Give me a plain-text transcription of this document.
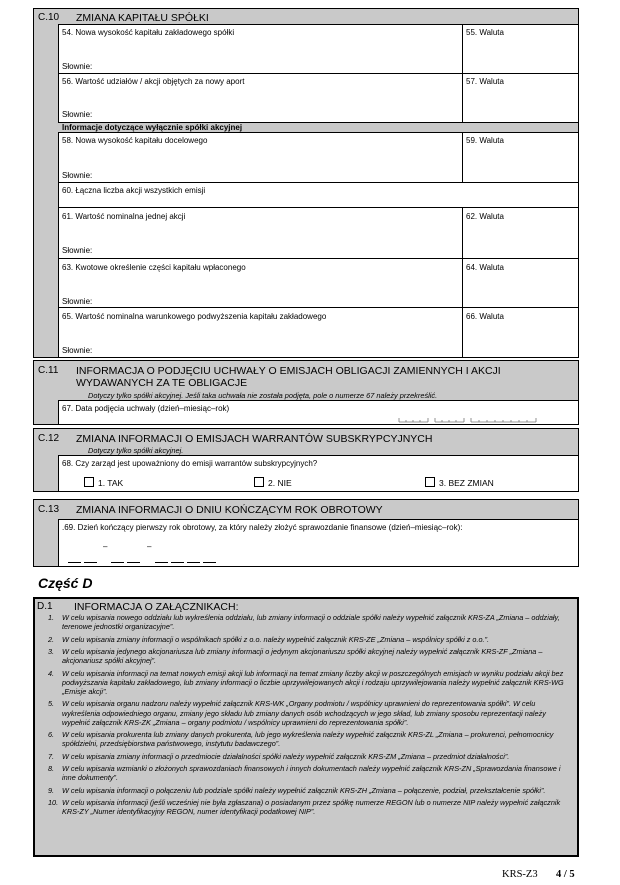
C.10 ZMIANA KAPITAŁU SPÓŁKI
54. Nowa wysokość kapitału zakładowego spółki
Słownie:
55. Waluta
56. Wartość udziałów / akcji objętych za nowy aport
Słownie:
57. Waluta
Informacje dotyczące wyłącznie spółki akcyjnej
58. Nowa wysokość kapitału docelowego
Słownie:
59. Waluta
60. Łączna liczba akcji wszystkich emisji
61. Wartość nominalna jednej akcji
Słownie:
62. Waluta
63. Kwotowe określenie części kapitału wpłaconego
Słownie:
64. Waluta
65. Wartość nominalna warunkowego podwyższenia kapitału zakładowego
Słownie:
66. Waluta
C.11 INFORMACJA O PODJĘCIU UCHWAŁY O EMISJACH OBLIGACJI ZAMIENNYCH I AKCJI
WYDAWANYCH ZA TE OBLIGACJE
Dotyczy tylko spółki akcyjnej. Jeśli taka uchwała nie została podjęta, pole o numerze 67 należy przekreślić.
67. Data podjęcia uchwały (dzień–miesiąc–rok)
C.12 ZMIANA INFORMACJI O EMISJACH WARRANTÓW SUBSKRYPCYJNYCH
Dotyczy tylko spółki akcyjnej.
68. Czy zarząd jest upoważniony do emisji warrantów subskrypcyjnych?
1. TAK	2. NIE	3. BEZ ZMIAN
C.13 ZMIANA INFORMACJI O DNIU KOŃCZĄCYM ROK OBROTOWY
.69. Dzień kończący pierwszy rok obrotowy, za który należy złożyć sprawozdanie finansowe (dzień–miesiąc–rok):
–	–
Część D
D.1 INFORMACJA O ZAŁĄCZNIKACH:
1. W celu wpisania nowego oddziału lub wykreślenia oddziału, lub zmiany informacji o oddziale spółki należy wypełnić załącznik KRS-ZA „Zmiana – oddziały, terenowe jednostki organizacyjne”.
2. W celu wpisania zmiany informacji o wspólnikach spółki z o.o. należy wypełnić załącznik KRS-ZE „Zmiana – wspólnicy spółki z o.o.”.
3. W celu wpisania jedynego akcjonariusza lub zmiany informacji o jedynym akcjonariuszu spółki akcyjnej należy wypełnić załącznik KRS-ZF „Zmiana – akcjonariusz spółki akcyjnej”.
4. W celu wpisania informacji na temat nowych emisji akcji lub informacji na temat zmiany liczby akcji w poszczególnych emisjach w wyniku podziału akcji bez podwyższania kapitału zakładowego, lub zmiany informacji o liczbie uprzywilejowanych akcji i rodzaju uprzywilejowania należy wypełnić załącznik KRS-WG „Emisje akcji”.
5. W celu wpisania organu nadzoru należy wypełnić załącznik KRS-WK „Organy podmiotu / wspólnicy uprawnieni do reprezentowania spółki”. W celu wykreślenia odpowiedniego organu, zmiany jego składu lub zmiany danych osób wchodzących w jego skład, lub zmiany sposobu reprezentacji należy wypełnić załącznik KRS-ZK „Zmiana – organy podmiotu / wspólnicy uprawnieni do reprezentowania spółki”.
6. W celu wpisania prokurenta lub zmiany danych prokurenta, lub jego wykreślenia należy wypełnić załącznik KRS-ZL „Zmiana – prokurenci, pełnomocnicy spółdzielni, przedsiębiorstwa państwowego, instytutu badawczego”.
7. W celu wpisania zmiany informacji o przedmiocie działalności spółki należy wypełnić załącznik KRS-ZM „Zmiana – przedmiot działalności”.
8. W celu wpisania wzmianki o złożonych sprawozdaniach finansowych i innych dokumentach należy wypełnić załącznik KRS-ZN „Sprawozdania finansowe i inne dokumenty”.
9. W celu wpisania informacji o połączeniu lub podziale spółki należy wypełnić załącznik KRS-ZH „Zmiana – połączenie, podział, przekształcenie spółki”.
10. W celu wpisania informacji (jeśli wcześniej nie była zgłaszana) o posiadanym przez spółkę numerze REGON lub o numerze NIP należy wypełnić załącznik KRS-ZY „Numer identyfikacyjny REGON, numer identyfikacji podatkowej NIP”.
KRS-Z3 4 / 5
